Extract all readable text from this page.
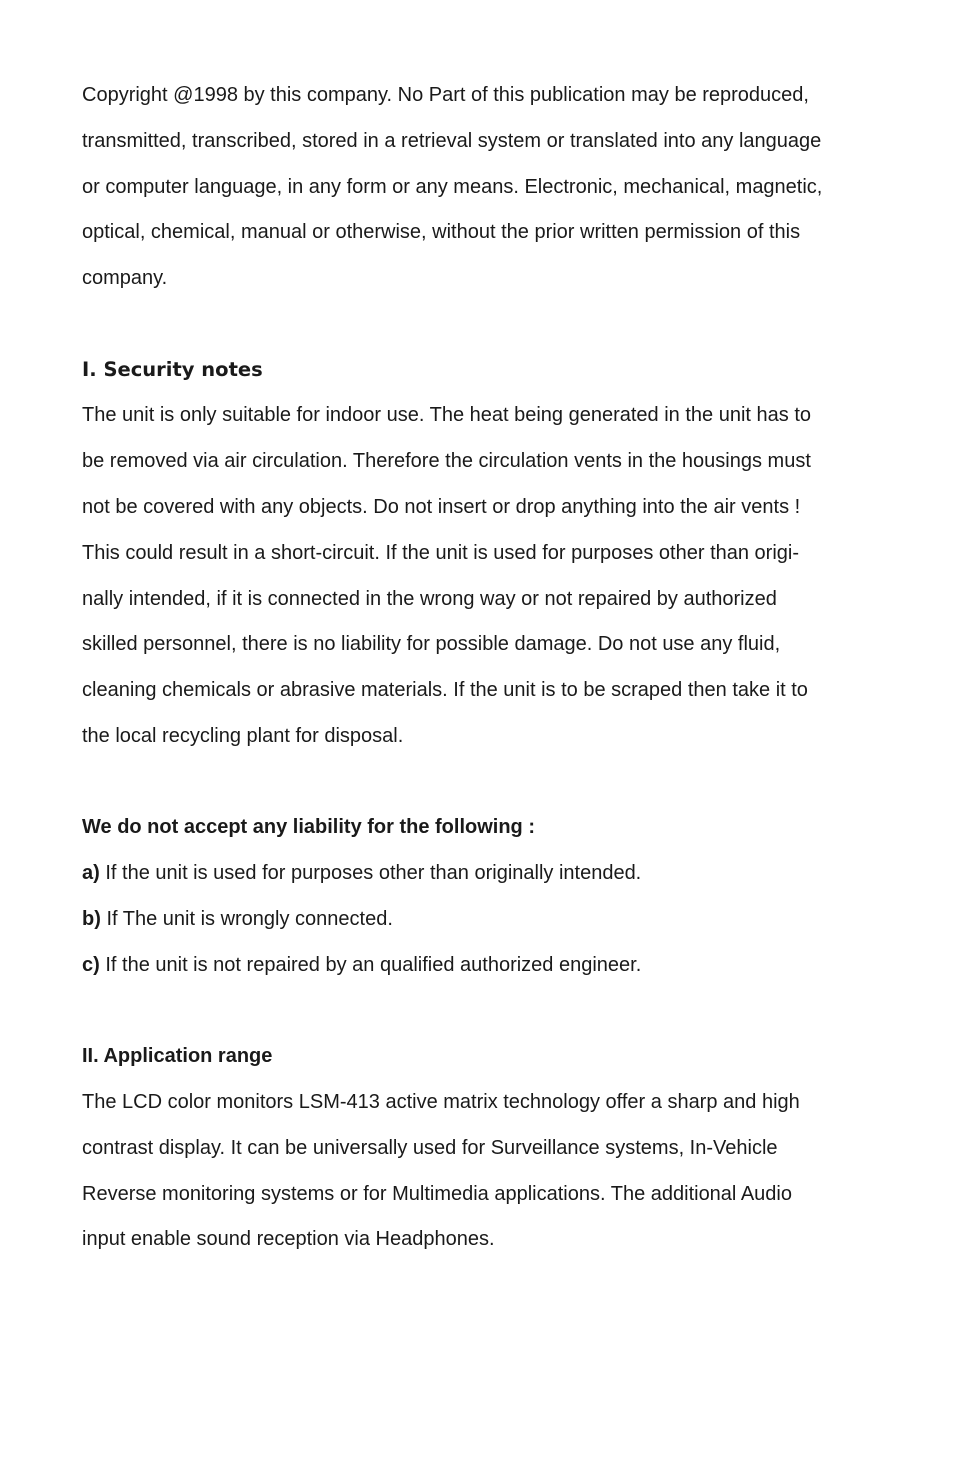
Copyright @1998 by this company. No Part of this publication may be reproduced,
transmitted, transcribed, stored in a retrieval system or translated into any language
or computer language, in any form or any means. Electronic, mechanical, magnetic,
optical, chemical, manual or otherwise, without the prior written permission of this
company.
I. Security notes
The unit is only suitable for indoor use. The heat being generated in the unit has to
be removed via air circulation. Therefore the circulation vents in the housings must
not be covered with any objects. Do not insert or drop anything into the air vents !
This could result in a short-circuit. If the unit is used for purposes other than origi-
nally intended, if it is connected in the wrong way or not repaired by authorized
skilled personnel, there is no liability for possible damage. Do not use any fluid,
cleaning chemicals or abrasive materials. If the unit is to be scraped then take it to
the local recycling plant for disposal.
We do not accept any liability for the following :
a) If the unit is used for purposes other than originally intended.
b) If The unit is wrongly connected.
c) If the unit is not repaired by an qualified authorized engineer.
II. Application range
The LCD color monitors LSM-413 active matrix technology offer a sharp and high
contrast display. It can be universally used for Surveillance systems, In-Vehicle
Reverse monitoring systems or for Multimedia applications. The additional Audio
input enable sound reception via Headphones.
